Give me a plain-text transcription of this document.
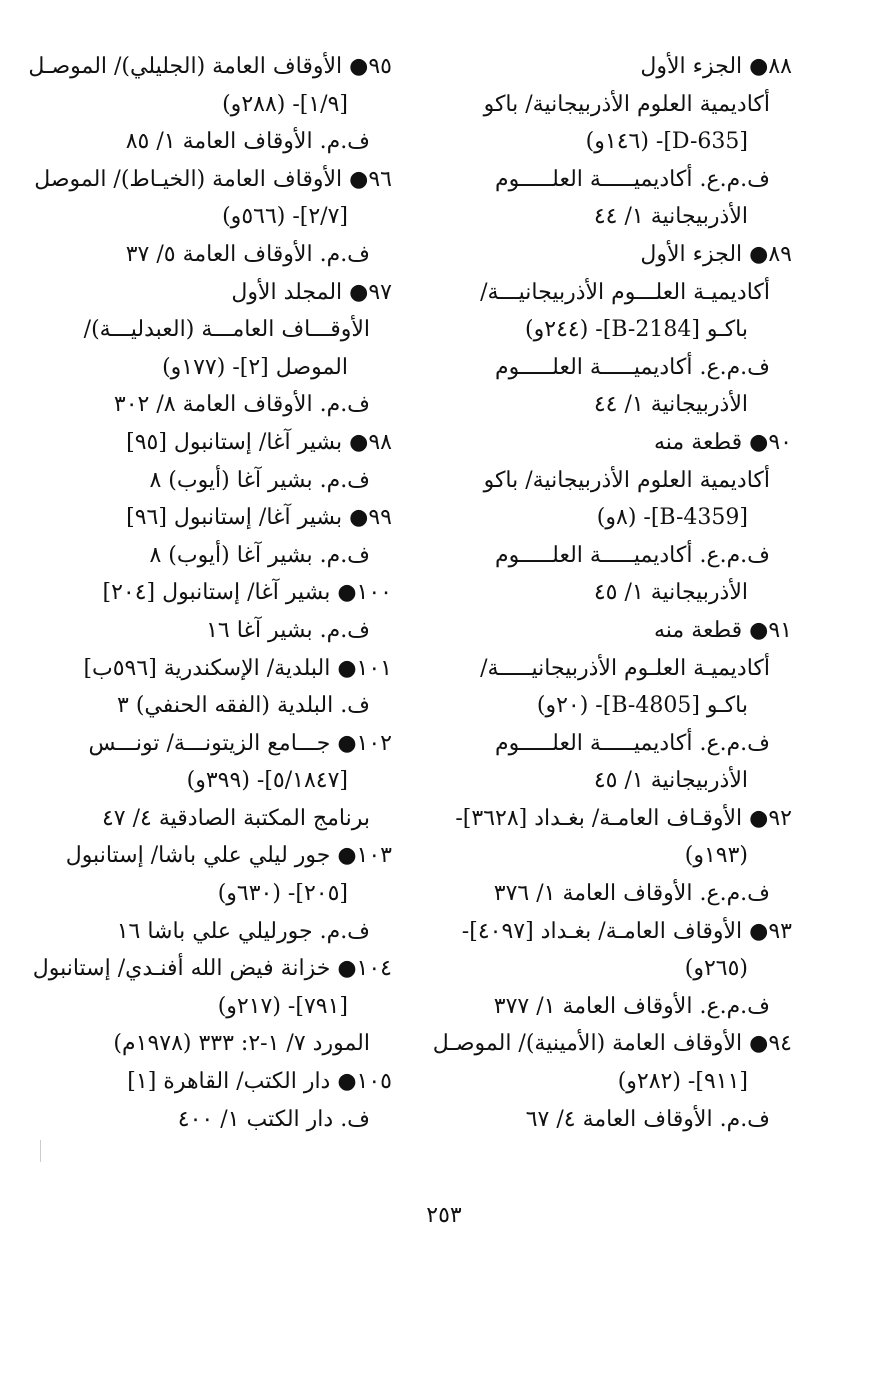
٨٨● الجزء الأول
أكاديمية العلوم الأذربيجانية/ باكو
[D-635]- (١٤٦و)
ف.م.ع. أكاديميـــــة العلـــــوم
الأذربيجانية ١/ ٤٤
٨٩● الجزء الأول
أكاديميـة العلـــوم الأذربيجانيـــة/
باكـو [B-2184]- (٢٤٤و)
ف.م.ع. أكاديميـــــة العلـــــوم
الأذربيجانية ١/ ٤٤
٩٠● قطعة منه
أكاديمية العلوم الأذربيجانية/ باكو
[B-4359]- (٨و)
ف.م.ع. أكاديميـــــة العلـــــوم
الأذربيجانية ١/ ٤٥
٩١● قطعة منه
أكاديميـة العلـوم الأذربيجانيـــــة/
باكـو [B-4805]- (٢٠و)
ف.م.ع. أكاديميـــــة العلـــــوم
الأذربيجانية ١/ ٤٥
٩٢● الأوقـاف العامـة/ بغـداد [٣٦٢٨]-
(١٩٣و)
ف.م.ع. الأوقاف العامة ١/ ٣٧٦
٩٣● الأوقاف العامـة/ بغـداد [٤٠٩٧]-
(٢٦٥و)
ف.م.ع. الأوقاف العامة ١/ ٣٧٧
٩٤● الأوقاف العامة (الأمينية)/ الموصـل
[٩١١]- (٢٨٢و)
ف.م. الأوقاف العامة ٤/ ٦٧
٩٥● الأوقاف العامة (الجليلي)/ الموصـل
[١/٩]- (٢٨٨و)
ف.م. الأوقاف العامة ١/ ٨٥
٩٦● الأوقاف العامة (الخيـاط)/ الموصل
[٢/٧]- (٥٦٦و)
ف.م. الأوقاف العامة ٥/ ٣٧
٩٧● المجلد الأول
الأوقـــاف العامـــة (العبدليـــة)/
الموصل [٢]- (١٧٧و)
ف.م. الأوقاف العامة ٨/ ٣٠٢
٩٨● بشير آغا/ إستانبول [٩٥]
ف.م. بشير آغا (أيوب) ٨
٩٩● بشير آغا/ إستانبول [٩٦]
ف.م. بشير آغا (أيوب) ٨
١٠٠● بشير آغا/ إستانبول [٢٠٤]
ف.م. بشير آغا ١٦
١٠١● البلدية/ الإسكندرية [٥٩٦ب]
ف. البلدية (الفقه الحنفي) ٣
١٠٢● جـــامع الزيتونـــة/ تونـــس
[٥/١٨٤٧]- (٣٩٩و)
برنامج المكتبة الصادقية ٤/ ٤٧
١٠٣● جور ليلي علي باشا/ إستانبول
[٢٠٥]- (٦٣٠و)
ف.م. جورليلي علي باشا ١٦
١٠٤● خزانة فيض الله أفنـدي/ إستانبول
[٧٩١]- (٢١٧و)
المورد ٧/ ١-٢: ٣٣٣ (١٩٧٨م)
١٠٥● دار الكتب/ القاهرة [١]
ف. دار الكتب ١/ ٤٠٠
٢٥٣
